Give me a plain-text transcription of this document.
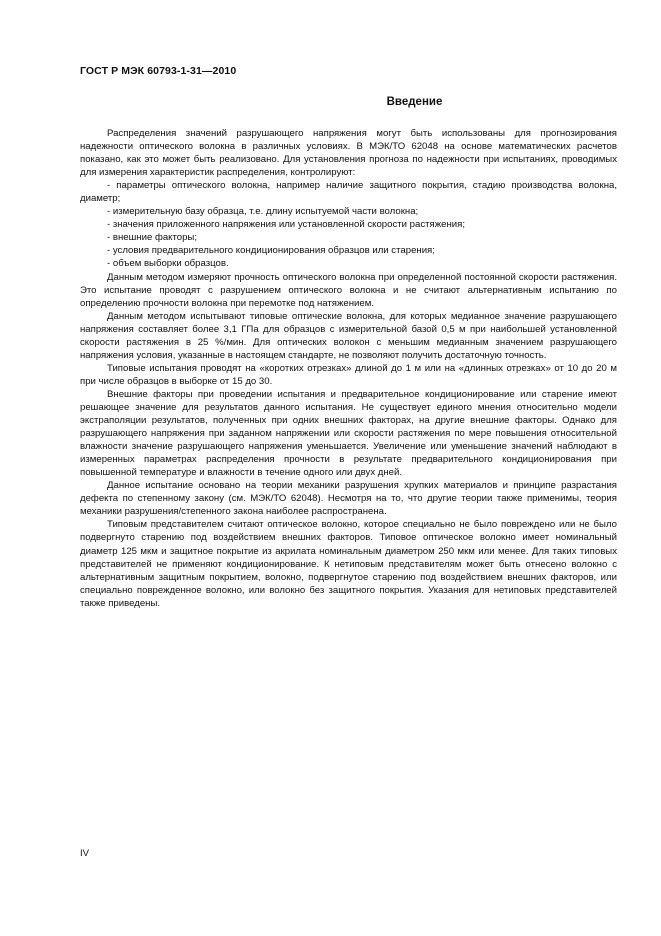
ГОСТ Р МЭК 60793-1-31—2010
Введение

Распределения значений разрушающего напряжения могут быть использованы для прогнозирования надежности оптического волокна в различных условиях. В МЭК/ТО 62048 на основе математических расчетов показано, как это может быть реализовано. Для установления прогноза по надежности при испытаниях, проводимых для измерения характеристик распределения, контролируют:

- параметры оптического волокна, например наличие защитного покрытия, стадию производства волокна, диаметр;

- измерительную базу образца, т.е. длину испытуемой части волокна;

- значения приложенного напряжения или установленной скорости растяжения;

- внешние факторы;

- условия предварительного кондиционирования образцов или старения;

- объем выборки образцов.

Данным методом измеряют прочность оптического волокна при определенной постоянной скорости растяжения. Это испытание проводят с разрушением оптического волокна и не считают альтернативным испытанию по определению прочности волокна при перемотке под натяжением.

Данным методом испытывают типовые оптические волокна, для которых медианное значение разрушающего напряжения составляет более 3,1 ГПа для образцов с измерительной базой 0,5 м при наибольшей установленной скорости растяжения в 25 %/мин. Для оптических волокон с меньшим медианным значением разрушающего напряжения условия, указанные в настоящем стандарте, не позволяют получить достаточную точность.

Типовые испытания проводят на «коротких отрезках» длиной до 1 м или на «длинных отрезках» от 10 до 20 м при числе образцов в выборке от 15 до 30.

Внешние факторы при проведении испытания и предварительное кондиционирование или старение имеют решающее значение для результатов данного испытания. Не существует единого мнения относительно модели экстраполяции результатов, полученных при одних внешних факторах, на другие внешние факторы. Однако для разрушающего напряжения при заданном напряжении или скорости растяжения по мере повышения относительной влажности значение разрушающего напряжения уменьшается. Увеличение или уменьшение значений наблюдают в измеренных параметрах распределения прочности в результате предварительного кондиционирования при повышенной температуре и влажности в течение одного или двух дней.

Данное испытание основано на теории механики разрушения хрупких материалов и принципе разрастания дефекта по степенному закону (см. МЭК/ТО 62048). Несмотря на то, что другие теории также применимы, теория механики разрушения/степенного закона наиболее распространена.

Типовым представителем считают оптическое волокно, которое специально не было повреждено или не было подвергнуто старению под воздействием внешних факторов. Типовое оптическое волокно имеет номинальный диаметр 125 мкм и защитное покрытие из акрилата номинальным диаметром 250 мкм или менее. Для таких типовых представителей не применяют кондиционирование. К нетиповым представителям может быть отнесено волокно с альтернативным защитным покрытием, волокно, подвергнутое старению под воздействием внешних факторов, или специально поврежденное волокно, или волокно без защитного покрытия. Указания для нетиповых представителей также приведены.

IV
